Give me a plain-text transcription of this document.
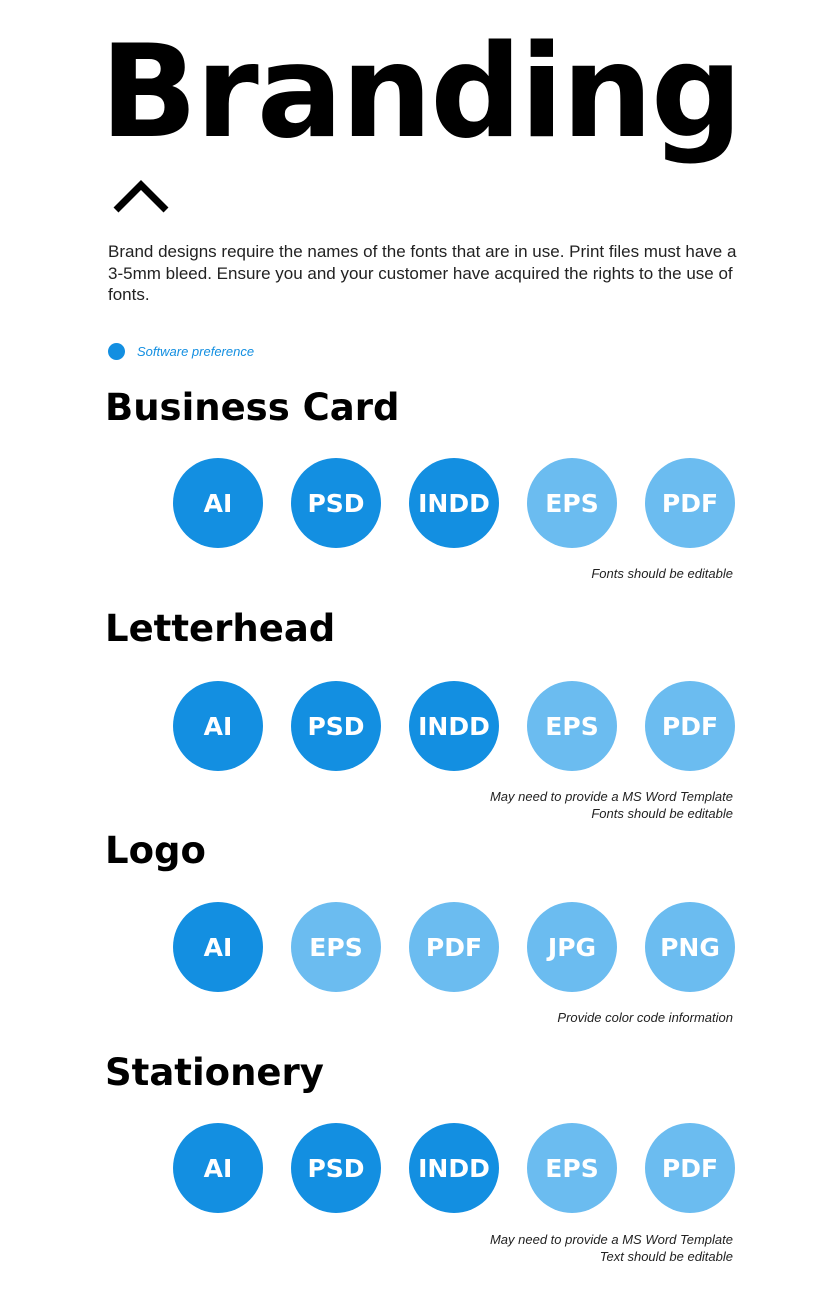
Branding

Brand designs require the names of the fonts that are in use. Print files must have a 3-5mm bleed. Ensure you and your customer have acquired the rights to the use of fonts.

Software preference
Business Card
AI	PSD	INDD	EPS	PDF
Fonts should be editable
Letterhead
AI	PSD	INDD	EPS	PDF
May need to provide a MS Word Template
Fonts should be editable
Logo
AI	EPS	PDF	JPG	PNG
Provide color code information
Stationery
AI	PSD	INDD	EPS	PDF
May need to provide a MS Word Template
Text should be editable
